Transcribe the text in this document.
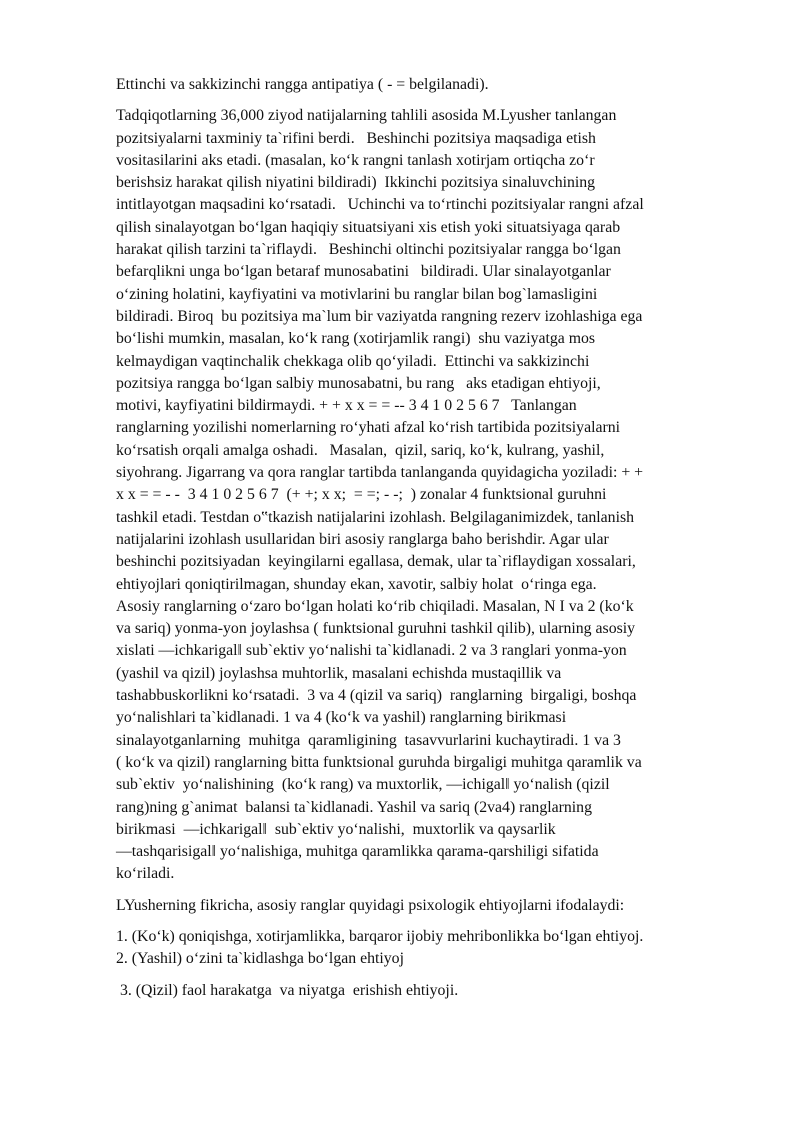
Ettinchi va sakkizinchi rangga antipatiya ( - = belgilanadi).
Tadqiqotlarning 36,000 ziyod natijalarning tahlili asosida M.Lyusher tanlangan
pozitsiyalarni taxminiy ta`rifini berdi.   Beshinchi pozitsiya maqsadiga etish
vositasilarini aks etadi. (masalan, ko‘k rangni tanlash xotirjam ortiqcha zo‘r
berishsiz harakat qilish niyatini bildiradi)  Ikkinchi pozitsiya sinaluvchining
intitlayotgan maqsadini ko‘rsatadi.   Uchinchi va to‘rtinchi pozitsiyalar rangni afzal
qilish sinalayotgan bo‘lgan haqiqiy situatsiyani xis etish yoki situatsiyaga qarab
harakat qilish tarzini ta`riflaydi.   Beshinchi oltinchi pozitsiyalar rangga bo‘lgan
befarqlikni unga bo‘lgan betaraf munosabatini   bildiradi. Ular sinalayotganlar
o‘zining holatini, kayfiyatini va motivlarini bu ranglar bilan bog`lamasligini
bildiradi. Biroq  bu pozitsiya ma`lum bir vaziyatda rangning rezerv izohlashiga ega
bo‘lishi mumkin, masalan, ko‘k rang (xotirjamlik rangi)  shu vaziyatga mos
kelmaydigan vaqtinchalik chekkaga olib qo‘yiladi.  Ettinchi va sakkizinchi
pozitsiya rangga bo‘lgan salbiy munosabatni, bu rang   aks etadigan ehtiyoji,
motivi, kayfiyatini bildirmaydi. + + x x = = -- 3 4 1 0 2 5 6 7   Tanlangan
ranglarning yozilishi nomerlarning ro‘yhati afzal ko‘rish tartibida pozitsiyalarni
ko‘rsatish orqali amalga oshadi.   Masalan,  qizil, sariq, ko‘k, kulrang, yashil,
siyohrang. Jigarrang va qora ranglar tartibda tanlanganda quyidagicha yoziladi: + +
x x = = - -  3 4 1 0 2 5 6 7  (+ +; x x;  = =; - -;  ) zonalar 4 funktsional guruhni
tashkil etadi. Testdan o‟tkazish natijalarini izohlash. Belgilaganimizdek, tanlanish
natijalarini izohlash usullaridan biri asosiy ranglarga baho berishdir. Agar ular
beshinchi pozitsiyadan  keyingilarni egallasa, demak, ular ta`riflaydigan xossalari,
ehtiyojlari qoniqtirilmagan, shunday ekan, xavotir, salbiy holat  o‘ringa ega.
Asosiy ranglarning o‘zaro bo‘lgan holati ko‘rib chiqiladi. Masalan, N I va 2 (ko‘k
va sariq) yonma-yon joylashsa ( funktsional guruhni tashkil qilib), ularning asosiy
xislati ―ichkarigal‖ sub`ektiv yo‘nalishi ta`kidlanadi. 2 va 3 ranglari yonma-yon
(yashil va qizil) joylashsa muhtorlik, masalani echishda mustaqillik va
tashabbuskorlikni ko‘rsatadi.  3 va 4 (qizil va sariq)  ranglarning  birgaligi, boshqa
yo‘nalishlari ta`kidlanadi. 1 va 4 (ko‘k va yashil) ranglarning birikmasi
sinalayotganlarning  muhitga  qaramligining  tasavvurlarini kuchaytiradi. 1 va 3
( ko‘k va qizil) ranglarning bitta funktsional guruhda birgaligi muhitga qaramlik va
sub`ektiv  yo‘nalishining  (ko‘k rang) va muxtorlik, ―ichigal‖ yo‘nalish (qizil
rang)ning g`animat  balansi ta`kidlanadi. Yashil va sariq (2va4) ranglarning
birikmasi  ―ichkarigal‖  sub`ektiv yo‘nalishi,  muxtorlik va qaysarlik
―tashqarisigal‖ yo‘nalishiga, muhitga qaramlikka qarama-qarshiligi sifatida
ko‘riladi.
LYusherning fikricha, asosiy ranglar quyidagi psixologik ehtiyojlarni ifodalaydi:
1. (Ko‘k) qoniqishga, xotirjamlikka, barqaror ijobiy mehribonlikka bo‘lgan ehtiyoj.
2. (Yashil) o‘zini ta`kidlashga bo‘lgan ehtiyoj
3. (Qizil) faol harakatga  va niyatga  erishish ehtiyoji.
